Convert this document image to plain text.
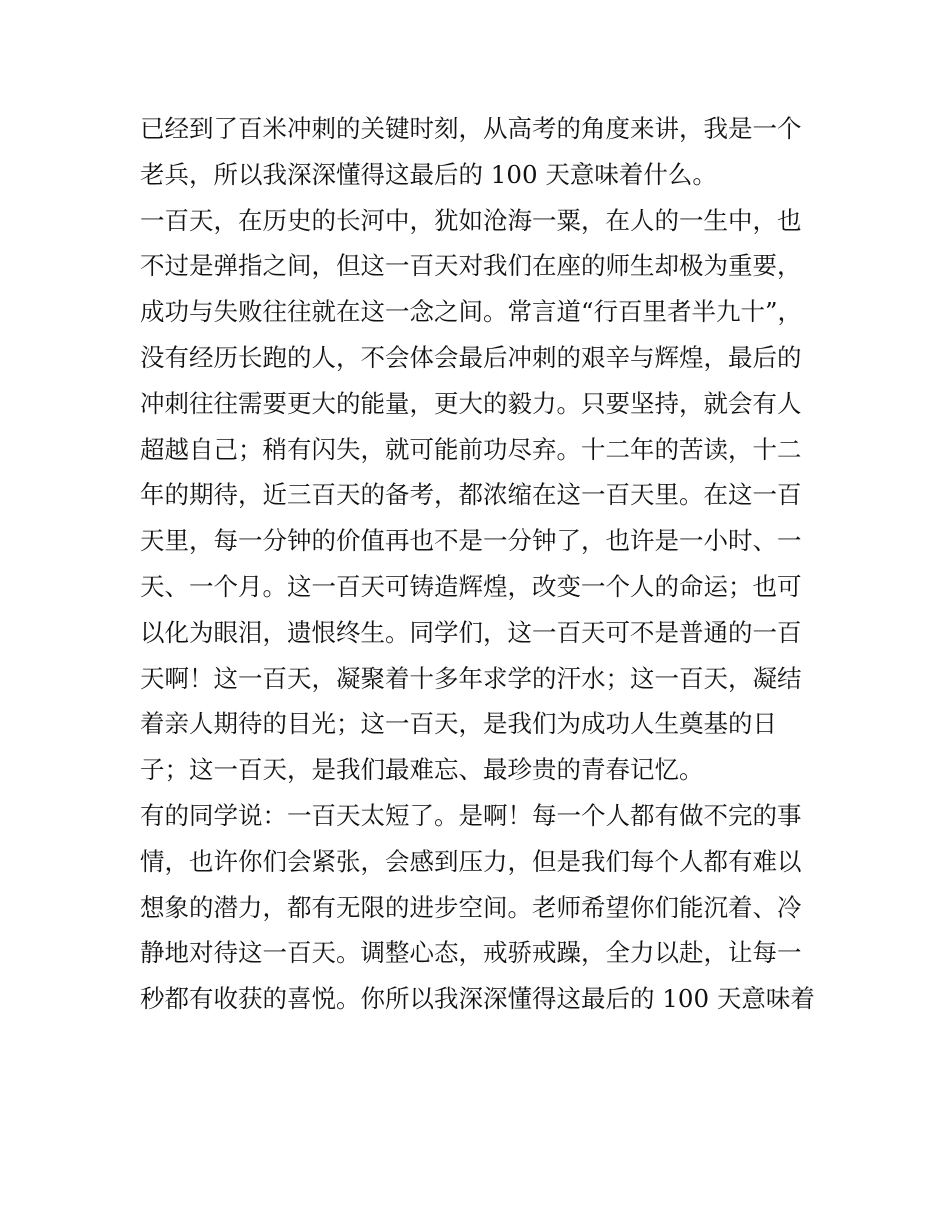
已经到了百米冲刺的关键时刻，从高考的角度来讲，我是一个
老兵，所以我深深懂得这最后的 100 天意味着什么。
一百天，在历史的长河中，犹如沧海一粟，在人的一生中，也
不过是弹指之间，但这一百天对我们在座的师生却极为重要，
成功与失败往往就在这一念之间。常言道“行百里者半九十”，
没有经历长跑的人，不会体会最后冲刺的艰辛与辉煌，最后的
冲刺往往需要更大的能量，更大的毅力。只要坚持，就会有人
超越自己；稍有闪失，就可能前功尽弃。十二年的苦读，十二
年的期待，近三百天的备考，都浓缩在这一百天里。在这一百
天里，每一分钟的价值再也不是一分钟了，也许是一小时、一
天、一个月。这一百天可铸造辉煌，改变一个人的命运；也可
以化为眼泪，遗恨终生。同学们，这一百天可不是普通的一百
天啊！这一百天，凝聚着十多年求学的汗水；这一百天，凝结
着亲人期待的目光；这一百天，是我们为成功人生奠基的日
子；这一百天，是我们最难忘、最珍贵的青春记忆。
有的同学说：一百天太短了。是啊！每一个人都有做不完的事
情，也许你们会紧张，会感到压力，但是我们每个人都有难以
想象的潜力，都有无限的进步空间。老师希望你们能沉着、冷
静地对待这一百天。调整心态，戒骄戒躁，全力以赴，让每一
秒都有收获的喜悦。你所以我深深懂得这最后的 100 天意味着
